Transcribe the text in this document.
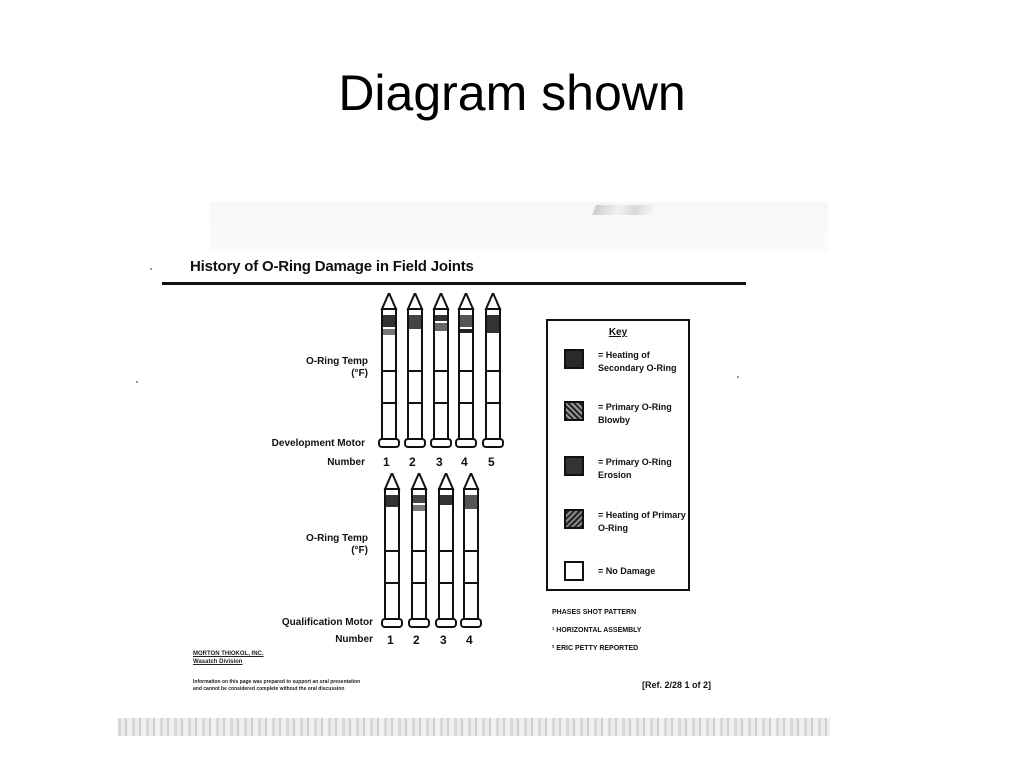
Diagram shown
History of O-Ring Damage in Field Joints
O-Ring Temp
(°F)
Development Motor
Number 1 2 3 4 5
O-Ring Temp
(°F)
Qualification Motor
Number 1 2 3 4
Key
= Heating of Secondary O-Ring
= Primary O-Ring Blowby
= Primary O-Ring Erosion
= Heating of Primary O-Ring
= No Damage
PHASES SHOT PATTERN
¹ HORIZONTAL ASSEMBLY
² ERIC PETTY REPORTED
MORTON THIOKOL, INC.
Wasatch Division
Information on this page was prepared to support an oral presentation
and cannot be considered complete without the oral discussion	[Ref. 2/28 1 of 2]
